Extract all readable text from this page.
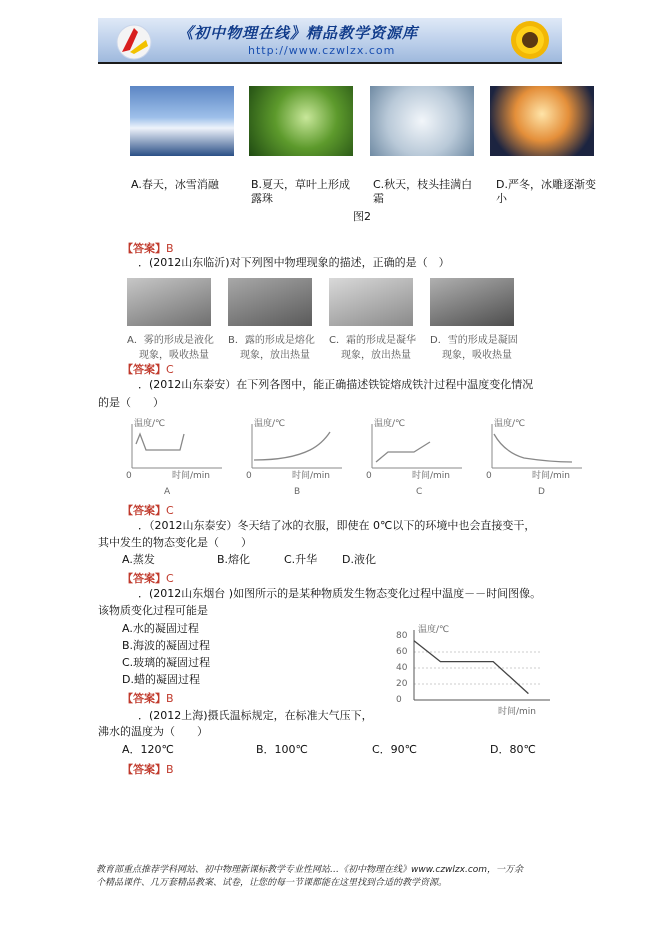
《初中物理在线》精品教学资源库
http://www.czwlzx.com
A.春天，冰雪消融	B.夏天，草叶上形成露珠
C.秋天，枝头挂满白霜
D.严冬，冰雕逐渐变小
图2
【答案】B
．(2012山东临沂)对下列图中物理现象的描述，正确的是（　）
A．雾的形成是液化
现象，吸收热量
B．露的形成是熔化
现象，放出热量
C．霜的形成是凝华
现象，放出热量
D．雪的形成是凝固
现象，吸收热量
【答案】C
．(2012山东泰安）在下列各图中，能正确描述铁锭熔成铁汁过程中温度变化情况
的是（　　）
温度/℃
时间/min
0
A
温度/℃
时间/min
0
B
温度/℃
时间/min
0
C
温度/℃
时间/min
0
D
【答案】C
．（2012山东泰安）冬天结了冰的衣服，即使在 0℃以下的环境中也会直接变干，
其中发生的物态变化是（　　）
A.蒸发	B.熔化	C.升华 D.液化
【答案】C
．(2012山东烟台 )如图所示的是某种物质发生物态变化过程中温度－－时间图像。
该物质变化过程可能是
A.水的凝固过程
B.海波的凝固过程
C.玻璃的凝固过程
D.蜡的凝固过程
温度/℃
时间/min
80
60
40
20
0
【答案】B
．(2012上海)摄氏温标规定，在标准大气压下，
沸水的温度为（　　）
A．120℃	B．100℃	C．90℃	D．80℃
【答案】B
教育部重点推荐学科网站、初中物理新课标教学专业性网站…《初中物理在线》www.czwlzx.com，一万余
个精品课件、几万套精品教案、试卷，让您的每一节课都能在这里找到合适的教学资源。
